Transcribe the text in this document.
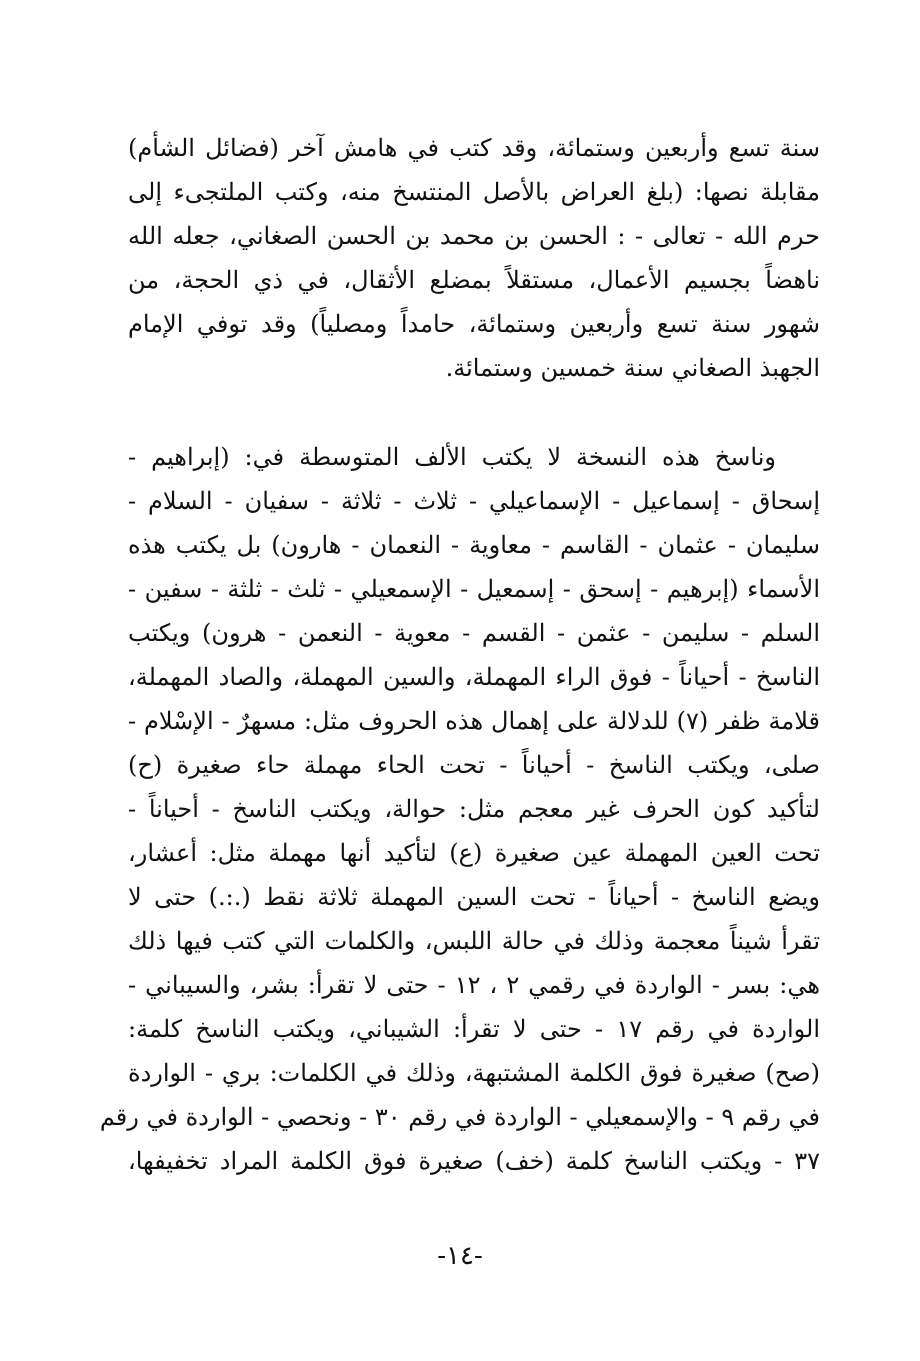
سنة تسع وأربعين وستمائة، وقد كتب في هامش آخر (فضائل الشأم)
مقابلة نصها: (بلغ العراض بالأصل المنتسخ منه، وكتب الملتجىء إلى
حرم الله - تعالى - : الحسن بن محمد بن الحسن الصغاني، جعله الله
ناهضاً بجسيم الأعمال، مستقلاً بمضلع الأثقال، في ذي الحجة، من
شهور سنة تسع وأربعين وستمائة، حامداً ومصلياً) وقد توفي الإمام
الجهبذ الصغاني سنة خمسين وستمائة.
وناسخ هذه النسخة لا يكتب الألف المتوسطة في: (إبراهيم -
إسحاق - إسماعيل - الإسماعيلي - ثلاث - ثلاثة - سفيان - السلام -
سليمان - عثمان - القاسم - معاوية - النعمان - هارون) بل يكتب هذه
الأسماء (إبرهيم - إسحق - إسمعيل - الإسمعيلي - ثلث - ثلثة - سفين -
السلم - سليمن - عثمن - القسم - معوية - النعمن - هرون) ويكتب
الناسخ - أحياناً - فوق الراء المهملة، والسين المهملة، والصاد المهملة،
قلامة ظفر (٧) للدلالة على إهمال هذه الحروف مثل: مسهرٌ - الإسْلام -
صلى، ويكتب الناسخ - أحياناً - تحت الحاء مهملة حاء صغيرة (ح)
لتأكيد كون الحرف غير معجم مثل: حوالة، ويكتب الناسخ - أحياناً -
تحت العين المهملة عين صغيرة (ع) لتأكيد أنها مهملة مثل: أعشار،
ويضع الناسخ - أحياناً - تحت السين المهملة ثلاثة نقط (.:.) حتى لا
تقرأ شيناً معجمة وذلك في حالة اللبس، والكلمات التي كتب فيها ذلك
هي: بسر - الواردة في رقمي ٢ ، ١٢ - حتى لا تقرأ: بشر، والسيباني -
الواردة في رقم ١٧ - حتى لا تقرأ: الشيباني، ويكتب الناسخ كلمة:
(صح) صغيرة فوق الكلمة المشتبهة، وذلك في الكلمات: بري - الواردة
في رقم ٩ - والإسمعيلي - الواردة في رقم ٣٠ - ونحصي - الواردة في رقم
٣٧ - ويكتب الناسخ كلمة (خف) صغيرة فوق الكلمة المراد تخفيفها،
-١٤-
